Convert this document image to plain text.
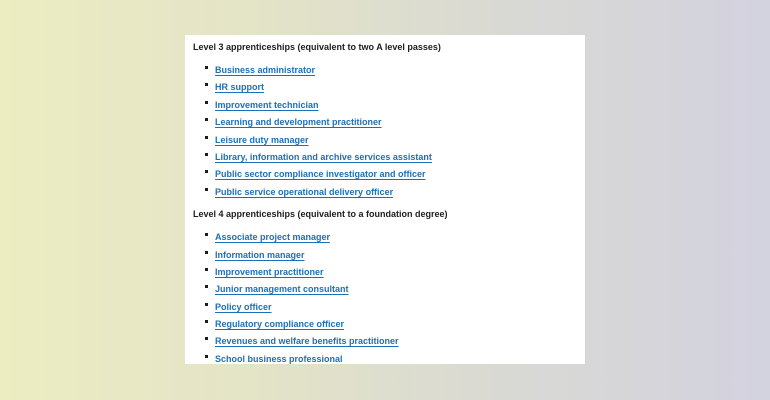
Level 3 apprenticeships (equivalent to two A level passes)

Business administrator
HR support
Improvement technician
Learning and development practitioner
Leisure duty manager
Library, information and archive services assistant
Public sector compliance investigator and officer
Public service operational delivery officer

Level 4 apprenticeships (equivalent to a foundation degree)

Associate project manager
Information manager
Improvement practitioner
Junior management consultant
Policy officer
Regulatory compliance officer
Revenues and welfare benefits practitioner
School business professional
